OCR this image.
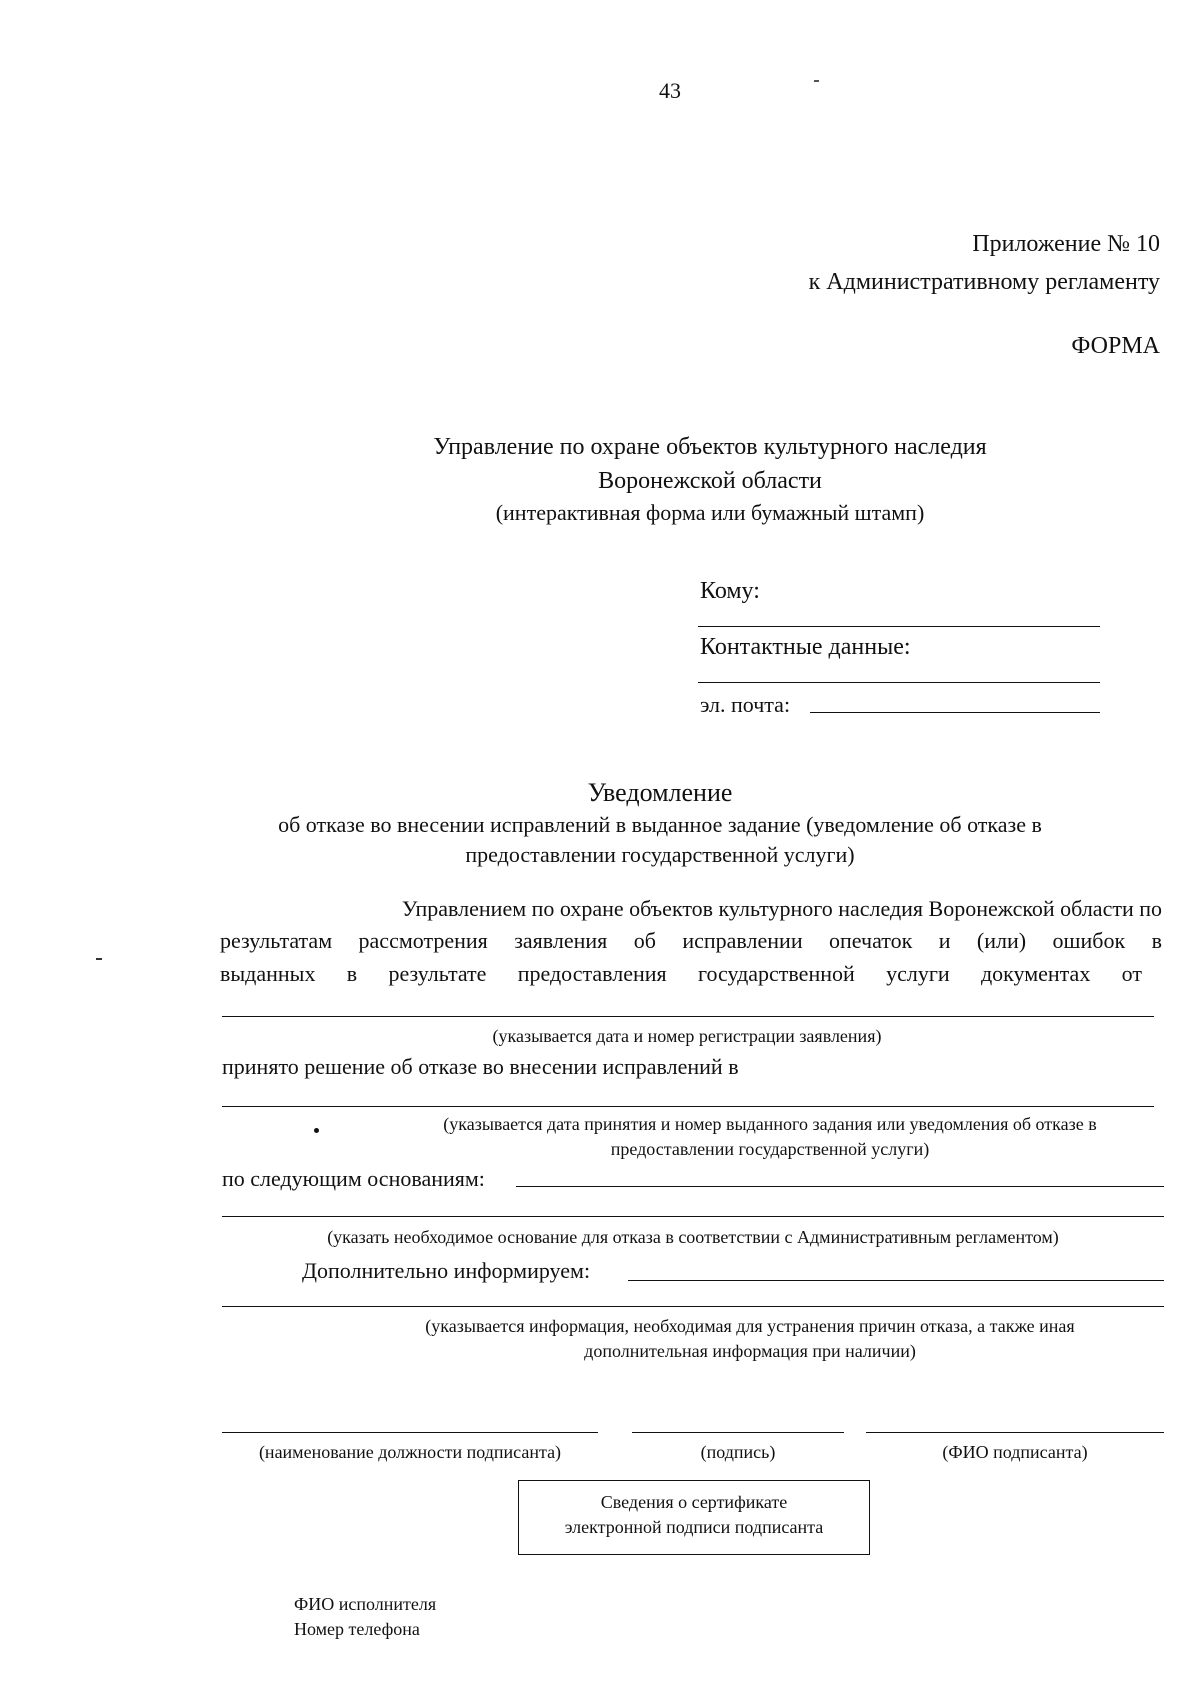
43
Приложение № 10
к Административному регламенту
ФОРМА
Управление по охране объектов культурного наследия
Воронежской области
(интерактивная форма или бумажный штамп)
Кому:
Контактные данные:
эл. почта:
Уведомление
об отказе во внесении исправлений в выданное задание (уведомление об отказе в
предоставлении государственной услуги)
Управлением по охране объектов культурного наследия Воронежской области по
результатам рассмотрения заявления об исправлении опечаток и (или) ошибок в
выданных в результате предоставления государственной услуги документах от
(указывается дата и номер регистрации заявления)
принято решение об отказе во внесении исправлений в
(указывается дата принятия и номер выданного задания или уведомления об отказе в
предоставлении государственной услуги)
по следующим основаниям:
(указать необходимое основание для отказа в соответствии с Административным регламентом)
Дополнительно информируем:
(указывается информация, необходимая для устранения причин отказа, а также иная
дополнительная информация при наличии)
(наименование должности подписанта)	(подпись)	(ФИО подписанта)
Сведения о сертификате
электронной подписи подписанта
ФИО исполнителя
Номер телефона
